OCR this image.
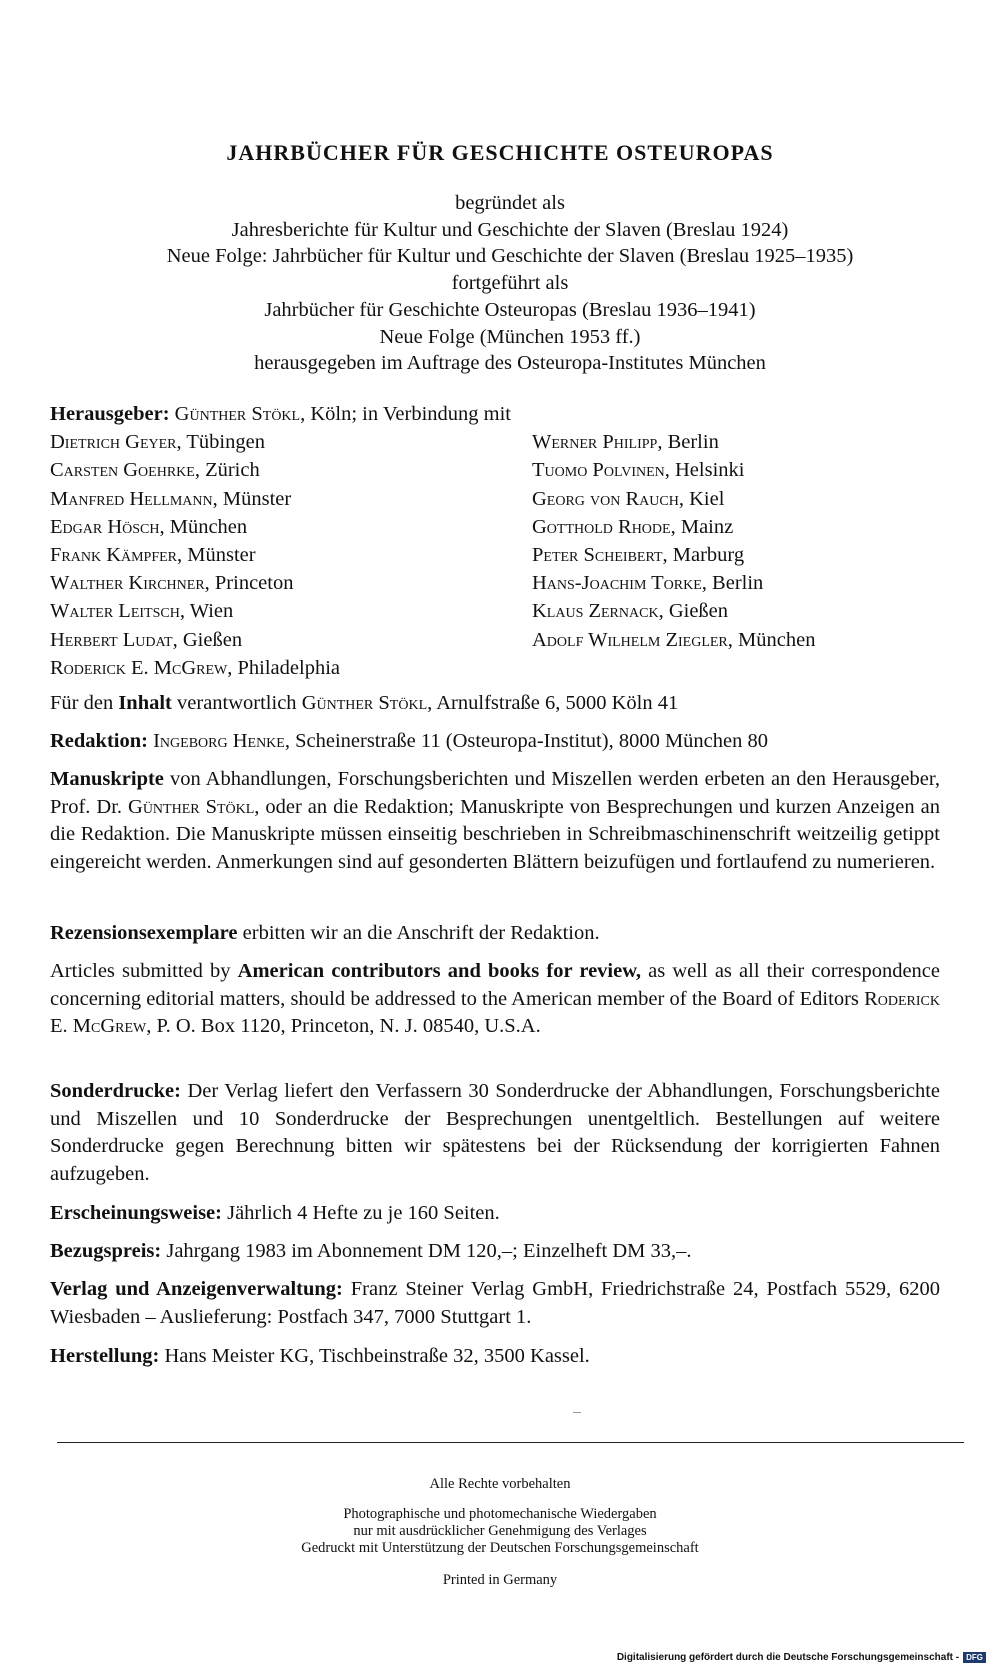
JAHRBÜCHER FÜR GESCHICHTE OSTEUROPAS
begründet als
Jahresberichte für Kultur und Geschichte der Slaven (Breslau 1924)
Neue Folge: Jahrbücher für Kultur und Geschichte der Slaven (Breslau 1925–1935)
fortgeführt als
Jahrbücher für Geschichte Osteuropas (Breslau 1936–1941)
Neue Folge (München 1953 ff.)
herausgegeben im Auftrage des Osteuropa-Institutes München
Herausgeber: Günther Stökl, Köln; in Verbindung mit
Dietrich Geyer, Tübingen	Werner Philipp, Berlin
Carsten Goehrke, Zürich	Tuomo Polvinen, Helsinki
Manfred Hellmann, Münster	Georg von Rauch, Kiel
Edgar Hösch, München	Gotthold Rhode, Mainz
Frank Kämpfer, Münster	Peter Scheibert, Marburg
Walther Kirchner, Princeton	Hans-Joachim Torke, Berlin
Walter Leitsch, Wien	Klaus Zernack, Gießen
Herbert Ludat, Gießen	Adolf Wilhelm Ziegler, München
Roderick E. McGrew, Philadelphia
Für den Inhalt verantwortlich Günther Stökl, Arnulfstraße 6, 5000 Köln 41
Redaktion: Ingeborg Henke, Scheinerstraße 11 (Osteuropa-Institut), 8000 München 80
Manuskripte von Abhandlungen, Forschungsberichten und Miszellen werden erbeten an den Herausgeber, Prof. Dr. Günther Stökl, oder an die Redaktion; Manuskripte von Besprechungen und kurzen Anzeigen an die Redaktion. Die Manuskripte müssen einseitig beschrieben in Schreibmaschinenschrift weitzeilig getippt eingereicht werden. Anmerkungen sind auf gesonderten Blättern beizufügen und fortlaufend zu numerieren.
Rezensionsexemplare erbitten wir an die Anschrift der Redaktion.
Articles submitted by American contributors and books for review, as well as all their correspondence concerning editorial matters, should be addressed to the American member of the Board of Editors Roderick E. McGrew, P. O. Box 1120, Princeton, N. J. 08540, U.S.A.
Sonderdrucke: Der Verlag liefert den Verfassern 30 Sonderdrucke der Abhandlungen, Forschungsberichte und Miszellen und 10 Sonderdrucke der Besprechungen unentgeltlich. Bestellungen auf weitere Sonderdrucke gegen Berechnung bitten wir spätestens bei der Rücksendung der korrigierten Fahnen aufzugeben.
Erscheinungsweise: Jährlich 4 Hefte zu je 160 Seiten.
Bezugspreis: Jahrgang 1983 im Abonnement DM 120,–; Einzelheft DM 33,–.
Verlag und Anzeigenverwaltung: Franz Steiner Verlag GmbH, Friedrichstraße 24, Postfach 5529, 6200 Wiesbaden – Auslieferung: Postfach 347, 7000 Stuttgart 1.
Herstellung: Hans Meister KG, Tischbeinstraße 32, 3500 Kassel.
Alle Rechte vorbehalten
Photographische und photomechanische Wiedergaben
nur mit ausdrücklicher Genehmigung des Verlages
Gedruckt mit Unterstützung der Deutschen Forschungsgemeinschaft
Printed in Germany
Digitalisierung gefördert durch die Deutsche Forschungsgemeinschaft - DFG
